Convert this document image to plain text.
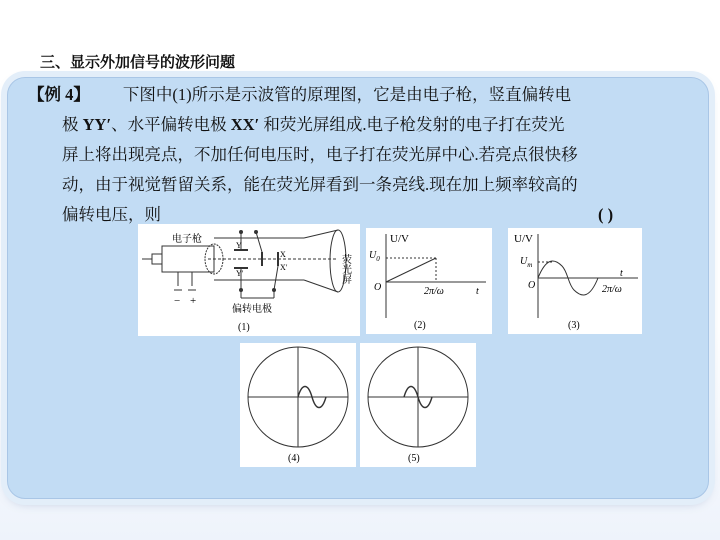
三、显示外加信号的波形问题
【例 4】 下图中(1)所示是示波管的原理图，它是由电子枪，竖直偏转电
极 YY′、水平偏转电极 XX′ 和荧光屏组成.电子枪发射的电子打在荧光
屏上将出现亮点，不加任何电压时，电子打在荧光屏中心.若亮点很快移
动，由于视觉暂留关系，能在荧光屏看到一条亮线.现在加上频率较高的
偏转电压，则	( )
电子枪
Y
Y′
X
X′
− +
偏转电极
荧光屏
(1)
U/V
$U_0$
O	2π/ω	t
(2)
U/V
$U_m$
O	2π/ω
t
(3)
(4)	(5)
